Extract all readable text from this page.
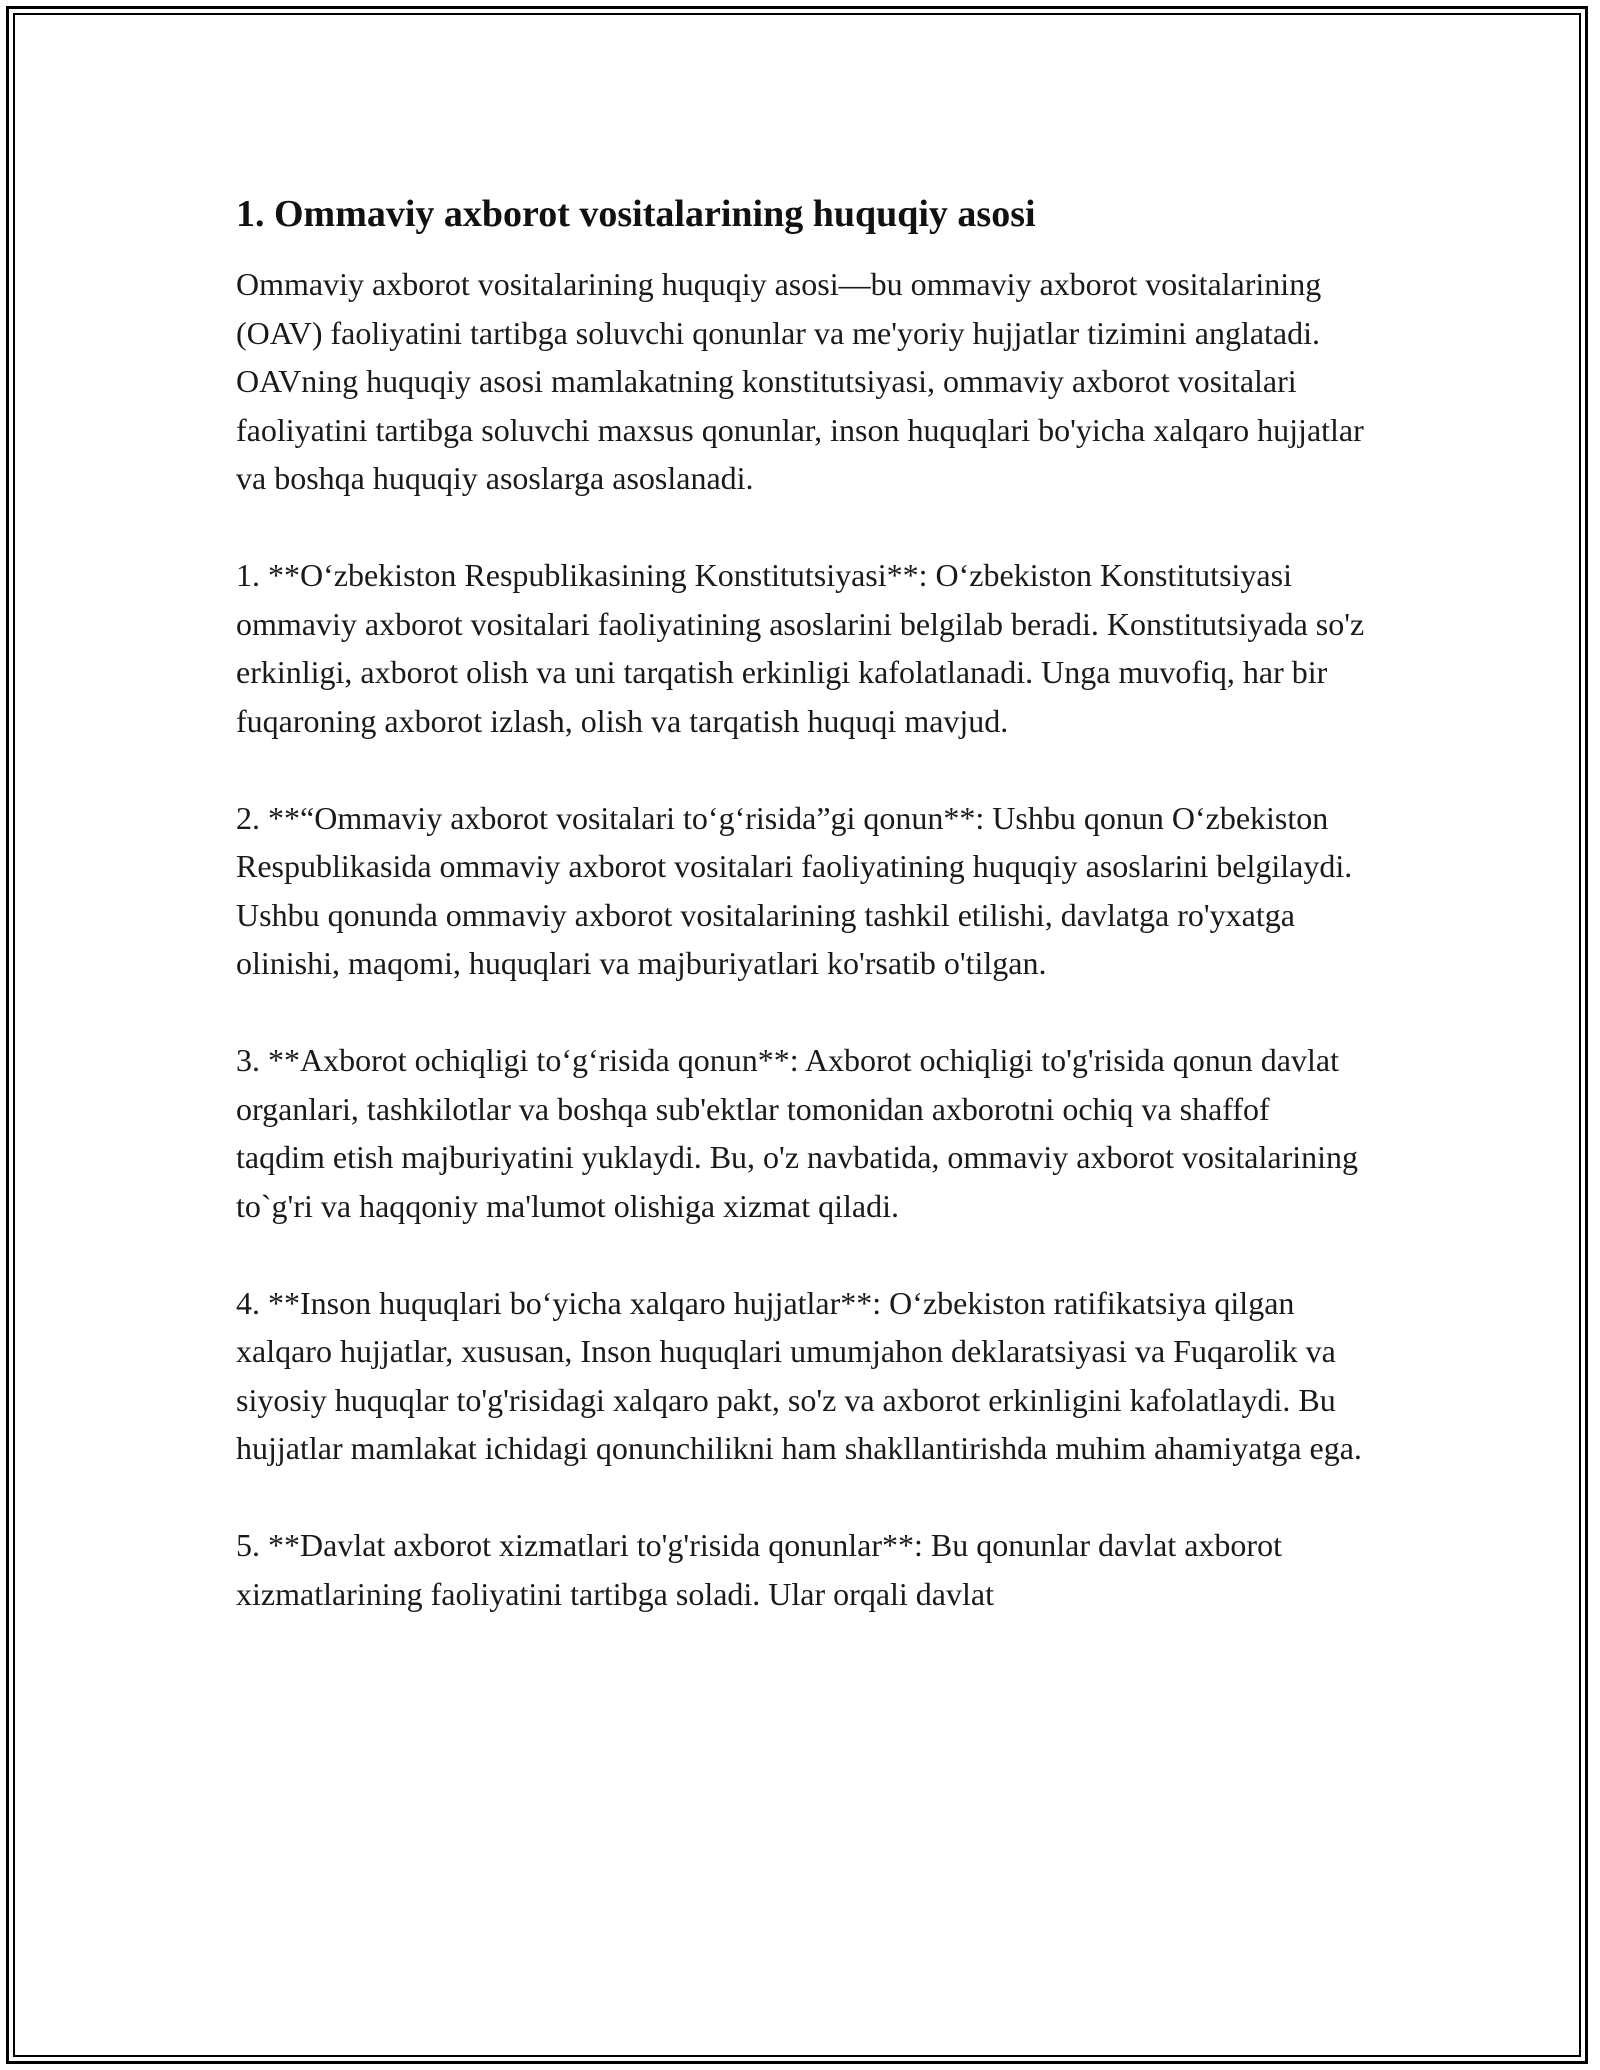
1. Ommaviy axborot vositalarining huquqiy asosi

Ommaviy axborot vositalarining huquqiy asosi—bu ommaviy axborot vositalarining (OAV) faoliyatini tartibga soluvchi qonunlar va me'yoriy hujjatlar tizimini anglatadi. OAVning huquqiy asosi mamlakatning konstitutsiyasi, ommaviy axborot vositalari faoliyatini tartibga soluvchi maxsus qonunlar, inson huquqlari bo'yicha xalqaro hujjatlar va boshqa huquqiy asoslarga asoslanadi.

1. **Oʻzbekiston Respublikasining Konstitutsiyasi**: Oʻzbekiston Konstitutsiyasi ommaviy axborot vositalari faoliyatining asoslarini belgilab beradi. Konstitutsiyada so'z erkinligi, axborot olish va uni tarqatish erkinligi kafolatlanadi. Unga muvofiq, har bir fuqaroning axborot izlash, olish va tarqatish huquqi mavjud.

2. **“Ommaviy axborot vositalari toʻgʻrisida”gi qonun**: Ushbu qonun Oʻzbekiston Respublikasida ommaviy axborot vositalari faoliyatining huquqiy asoslarini belgilaydi. Ushbu qonunda ommaviy axborot vositalarining tashkil etilishi, davlatga ro'yxatga olinishi, maqomi, huquqlari va majburiyatlari ko'rsatib o'tilgan.

3. **Axborot ochiqligi toʻgʻrisida qonun**: Axborot ochiqligi to'g'risida qonun davlat organlari, tashkilotlar va boshqa sub'ektlar tomonidan axborotni ochiq va shaffof taqdim etish majburiyatini yuklaydi. Bu, o'z navbatida, ommaviy axborot vositalarining to`g'ri va haqqoniy ma'lumot olishiga xizmat qiladi.

4. **Inson huquqlari boʻyicha xalqaro hujjatlar**: Oʻzbekiston ratifikatsiya qilgan xalqaro hujjatlar, xususan, Inson huquqlari umumjahon deklaratsiyasi va Fuqarolik va siyosiy huquqlar to'g'risidagi xalqaro pakt, so'z va axborot erkinligini kafolatlaydi. Bu hujjatlar mamlakat ichidagi qonunchilikni ham shakllantirishda muhim ahamiyatga ega.

5. **Davlat axborot xizmatlari to'g'risida qonunlar**: Bu qonunlar davlat axborot xizmatlarining faoliyatini tartibga soladi. Ular orqali davlat
